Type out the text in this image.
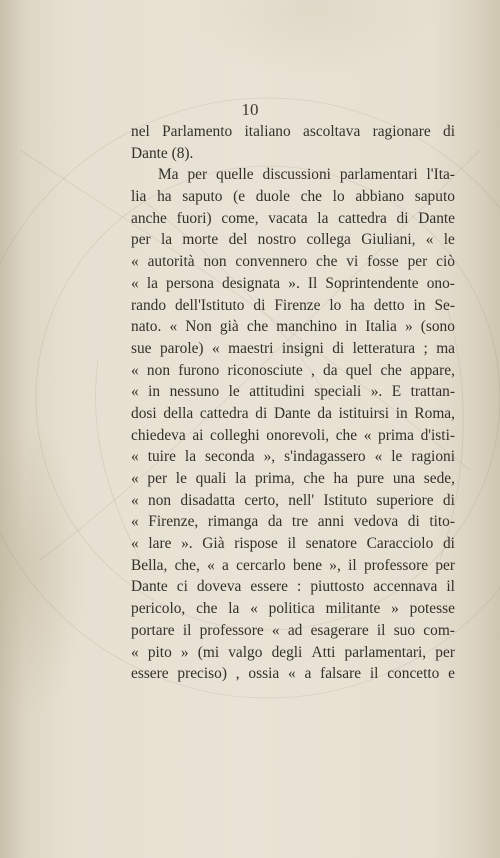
10

nel Parlamento italiano ascoltava ragionare di
Dante (8).
Ma per quelle discussioni parlamentari l'Ita-
lia ha saputo (e duole che lo abbiano saputo
anche fuori) come, vacata la cattedra di Dante
per la morte del nostro collega Giuliani, « le
« autorità non convennero che vi fosse per ciò
« la persona designata ». Il Soprintendente ono-
rando dell'Istituto di Firenze lo ha detto in Se-
nato. « Non già che manchino in Italia » (sono
sue parole) « maestri insigni di letteratura ; ma
« non furono riconosciute , da quel che appare,
« in nessuno le attitudini speciali ». E trattan-
dosi della cattedra di Dante da istituirsi in Roma,
chiedeva ai colleghi onorevoli, che « prima d'isti-
« tuire la seconda », s'indagassero « le ragioni
« per le quali la prima, che ha pure una sede,
« non disadatta certo, nell' Istituto superiore di
« Firenze, rimanga da tre anni vedova di tito-
« lare ». Già rispose il senatore Caracciolo di
Bella, che, « a cercarlo bene », il professore per
Dante ci doveva essere : piuttosto accennava il
pericolo, che la « politica militante » potesse
portare il professore « ad esagerare il suo com-
« pito » (mi valgo degli Atti parlamentari, per
essere preciso) , ossia « a falsare il concetto e
